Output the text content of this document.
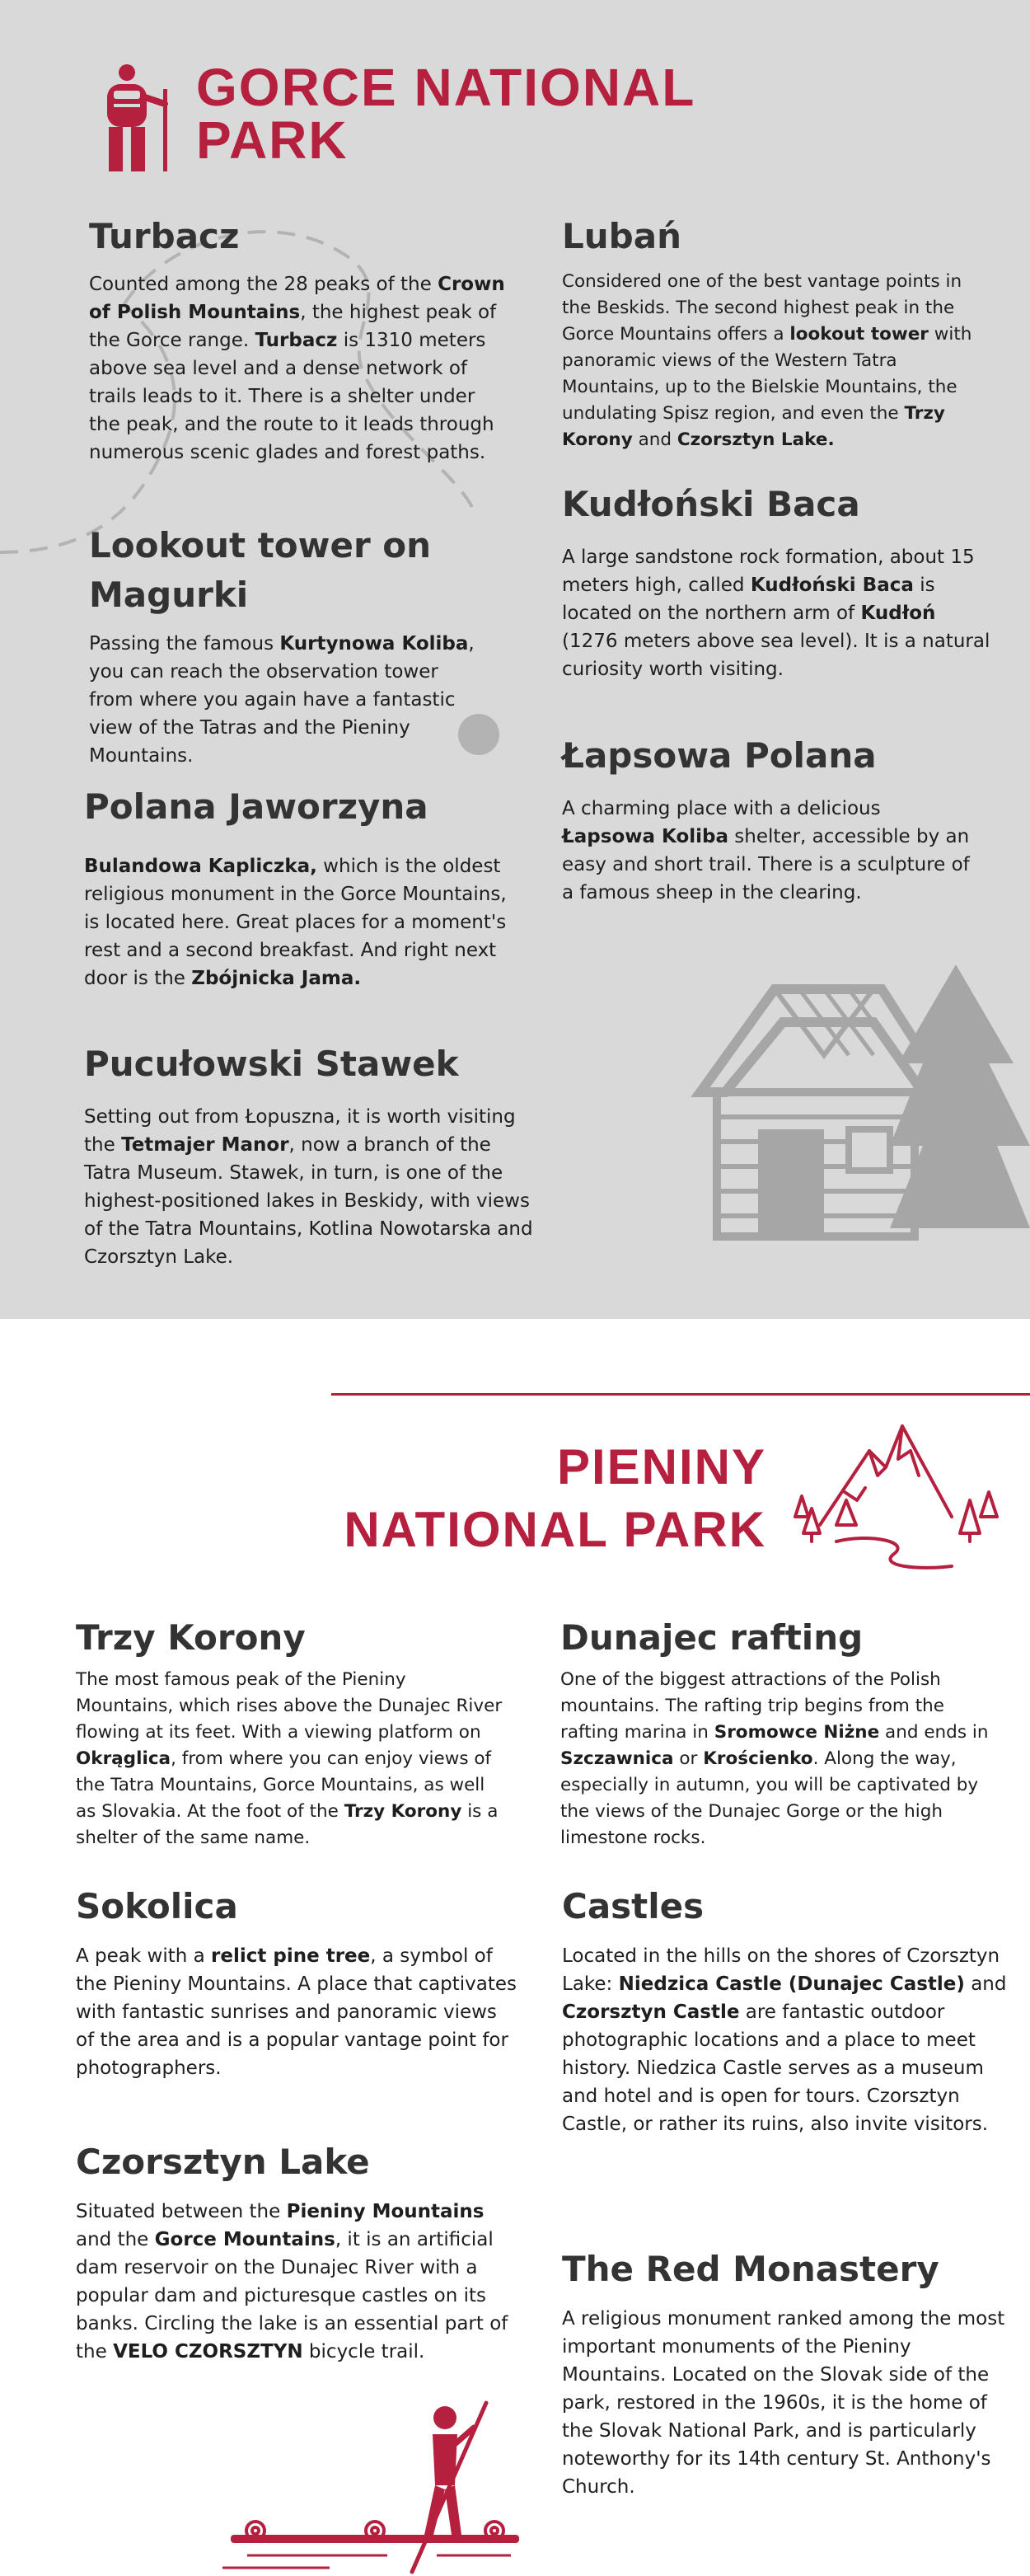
GORCE NATIONAL

PARK

Turbacz

Counted among the 28 peaks of the Crown of Polish Mountains, the highest peak of the Gorce range. Turbacz is 1310 meters above sea level and a dense network of trails leads to it. There is a shelter under the peak, and the route to it leads through numerous scenic glades and forest paths.

Lookout tower on Magurki

Passing the famous Kurtynowa Koliba, you can reach the observation tower from where you again have a fantastic view of the Tatras and the Pieniny Mountains.

Polana Jaworzyna

Bulandowa Kapliczka, which is the oldest religious monument in the Gorce Mountains, is located here. Great places for a moment's rest and a second breakfast. And right next door is the Zbójnicka Jama.

Pucułowski Stawek

Setting out from Łopuszna, it is worth visiting the Tetmajer Manor, now a branch of the Tatra Museum. Stawek, in turn, is one of the highest-positioned lakes in Beskidy, with views of the Tatra Mountains, Kotlina Nowotarska and Czorsztyn Lake.

Lubań

Considered one of the best vantage points in the Beskids. The second highest peak in the Gorce Mountains offers a lookout tower with panoramic views of the Western Tatra Mountains, up to the Bielskie Mountains, the undulating Spisz region, and even the Trzy Korony and Czorsztyn Lake.

Kudłoński Baca

A large sandstone rock formation, about 15 meters high, called Kudłoński Baca is located on the northern arm of Kudłoń (1276 meters above sea level). It is a natural curiosity worth visiting.

Łapsowa Polana

A charming place with a delicious Łapsowa Koliba shelter, accessible by an easy and short trail. There is a sculpture of a famous sheep in the clearing.

PIENINY

NATIONAL PARK

Trzy Korony

The most famous peak of the Pieniny Mountains, which rises above the Dunajec River flowing at its feet. With a viewing platform on Okrąglica, from where you can enjoy views of the Tatra Mountains, Gorce Mountains, as well as Slovakia. At the foot of the Trzy Korony is a shelter of the same name.

Sokolica

A peak with a relict pine tree, a symbol of the Pieniny Mountains. A place that captivates with fantastic sunrises and panoramic views of the area and is a popular vantage point for photographers.

Czorsztyn Lake

Situated between the Pieniny Mountains and the Gorce Mountains, it is an artificial dam reservoir on the Dunajec River with a popular dam and picturesque castles on its banks. Circling the lake is an essential part of the VELO CZORSZTYN bicycle trail.

Dunajec rafting

One of the biggest attractions of the Polish mountains. The rafting trip begins from the rafting marina in Sromowce Niżne and ends in Szczawnica or Krościenko. Along the way, especially in autumn, you will be captivated by the views of the Dunajec Gorge or the high limestone rocks.

Castles

Located in the hills on the shores of Czorsztyn Lake: Niedzica Castle (Dunajec Castle) and Czorsztyn Castle are fantastic outdoor photographic locations and a place to meet history. Niedzica Castle serves as a museum and hotel and is open for tours. Czorsztyn Castle, or rather its ruins, also invite visitors.

The Red Monastery

A religious monument ranked among the most important monuments of the Pieniny Mountains. Located on the Slovak side of the park, restored in the 1960s, it is the home of the Slovak National Park, and is particularly noteworthy for its 14th century St. Anthony's Church.
